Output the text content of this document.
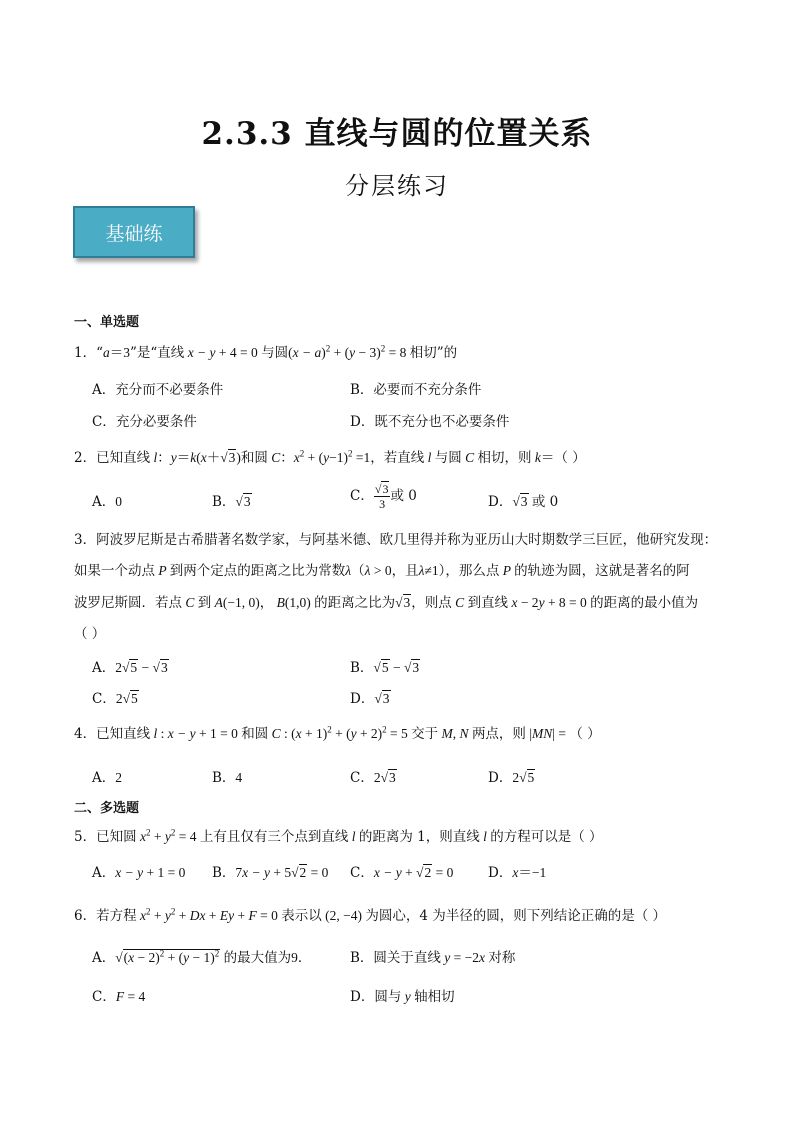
2.3.3 直线与圆的位置关系
分层练习
基础练
一、单选题
1．“a＝3”是“直线 x − y + 4 = 0 与圆$(x - a)^2 + (y - 3)^2 = 8$ 相切”的
A．充分而不必要条件	B．必要而不充分条件
C．充分必要条件	D．既不充分也不必要条件
2．已知直线 l：y＝k(x＋√3)和圆 C：$x^2 + (y-1)^2 =1$，若直线 l 与圆 C 相切，则 k＝（ ）
A．0	B．√3	C． $\frac{√3}{3}$ 或 0	D．√3 或 0
3．阿波罗尼斯是古希腊著名数学家，与阿基米德、欧几里得并称为亚历山大时期数学三巨匠，他研究发现：
如果一个动点 P 到两个定点的距离之比为常数λ（λ > 0，且λ≠1），那么点 P 的轨迹为圆，这就是著名的阿
波罗尼斯圆．若点 C 到 A(−1, 0)， B(1,0) 的距离之比为√3，则点 C 到直线 x − 2y + 8 = 0 的距离的最小值为
（ ）
A．2√5 − √3	B．√5 − √3
C．2√5	D．√3
4．已知直线 l : x − y + 1 = 0 和圆 C : $(x + 1)^2 + (y + 2)^2 = 5$ 交于 M, N 两点，则 |MN| = （ ）
A．2	B．4	C．2√3	D．2√5
二、多选题
5．已知圆 $x^2 + y^2 = 4$ 上有且仅有三个点到直线 l 的距离为 1，则直线 l 的方程可以是（ ）
A．x − y + 1 = 0 B．7x − y + 5√2 = 0 C．x − y + √2 = 0	D．x＝−1
6．若方程 $x^2 + y^2 + Dx + Ey + F = 0$ 表示以 (2, −4) 为圆心，4 为半径的圆，则下列结论正确的是（ ）
A．$√(x - 2)^2 + (y - 1)^2$ 的最大值为9．	B．圆关于直线 y = −2x 对称
C．F = 4	D．圆与 y 轴相切
